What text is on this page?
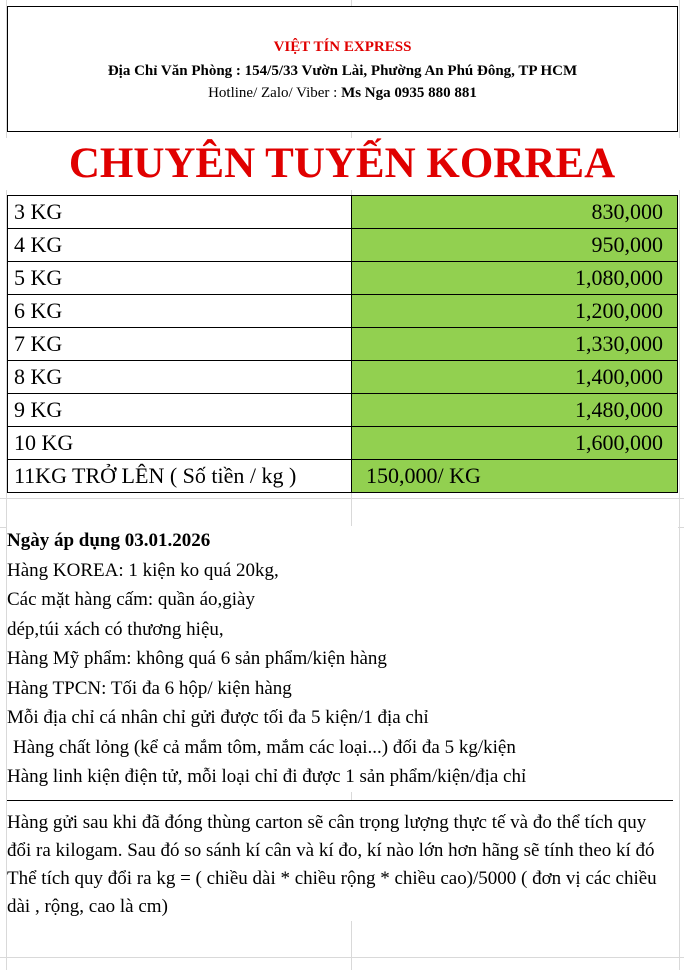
VIỆT TÍN EXPRESS
Địa Chỉ Văn Phòng : 154/5/33 Vườn Lài, Phường An Phú Đông, TP HCM
Hotline/ Zalo/ Viber : Ms Nga 0935 880 881
CHUYÊN TUYẾN KORREA
3 KG	830,000
4 KG	950,000
5 KG	1,080,000
6 KG	1,200,000
7 KG	1,330,000
8 KG	1,400,000
9 KG	1,480,000
10 KG	1,600,000
11KG TRỞ LÊN ( Số tiền / kg )	150,000/ KG
Ngày áp dụng 03.01.2026
Hàng KOREA: 1 kiện ko quá 20kg,
Các mặt hàng cấm: quần áo,giày
dép,túi xách có thương hiệu,
Hàng Mỹ phẩm: không quá 6 sản phẩm/kiện hàng
Hàng TPCN: Tối đa 6 hộp/ kiện hàng
Mỗi địa chỉ cá nhân chỉ gửi được tối đa 5 kiện/1 địa chỉ
Hàng chất lỏng (kể cả mắm tôm, mắm các loại...) đối đa 5 kg/kiện
Hàng linh kiện điện tử, mỗi loại chỉ đi được 1 sản phẩm/kiện/địa chỉ
Hàng gửi sau khi đã đóng thùng carton sẽ cân trọng lượng thực tế và đo thể tích quy đổi ra kilogam. Sau đó so sánh kí cân và kí đo, kí nào lớn hơn hãng sẽ tính theo kí đó
Thể tích quy đổi ra kg = ( chiều dài * chiều rộng * chiều cao)/5000 ( đơn vị các chiều dài , rộng, cao là cm)
